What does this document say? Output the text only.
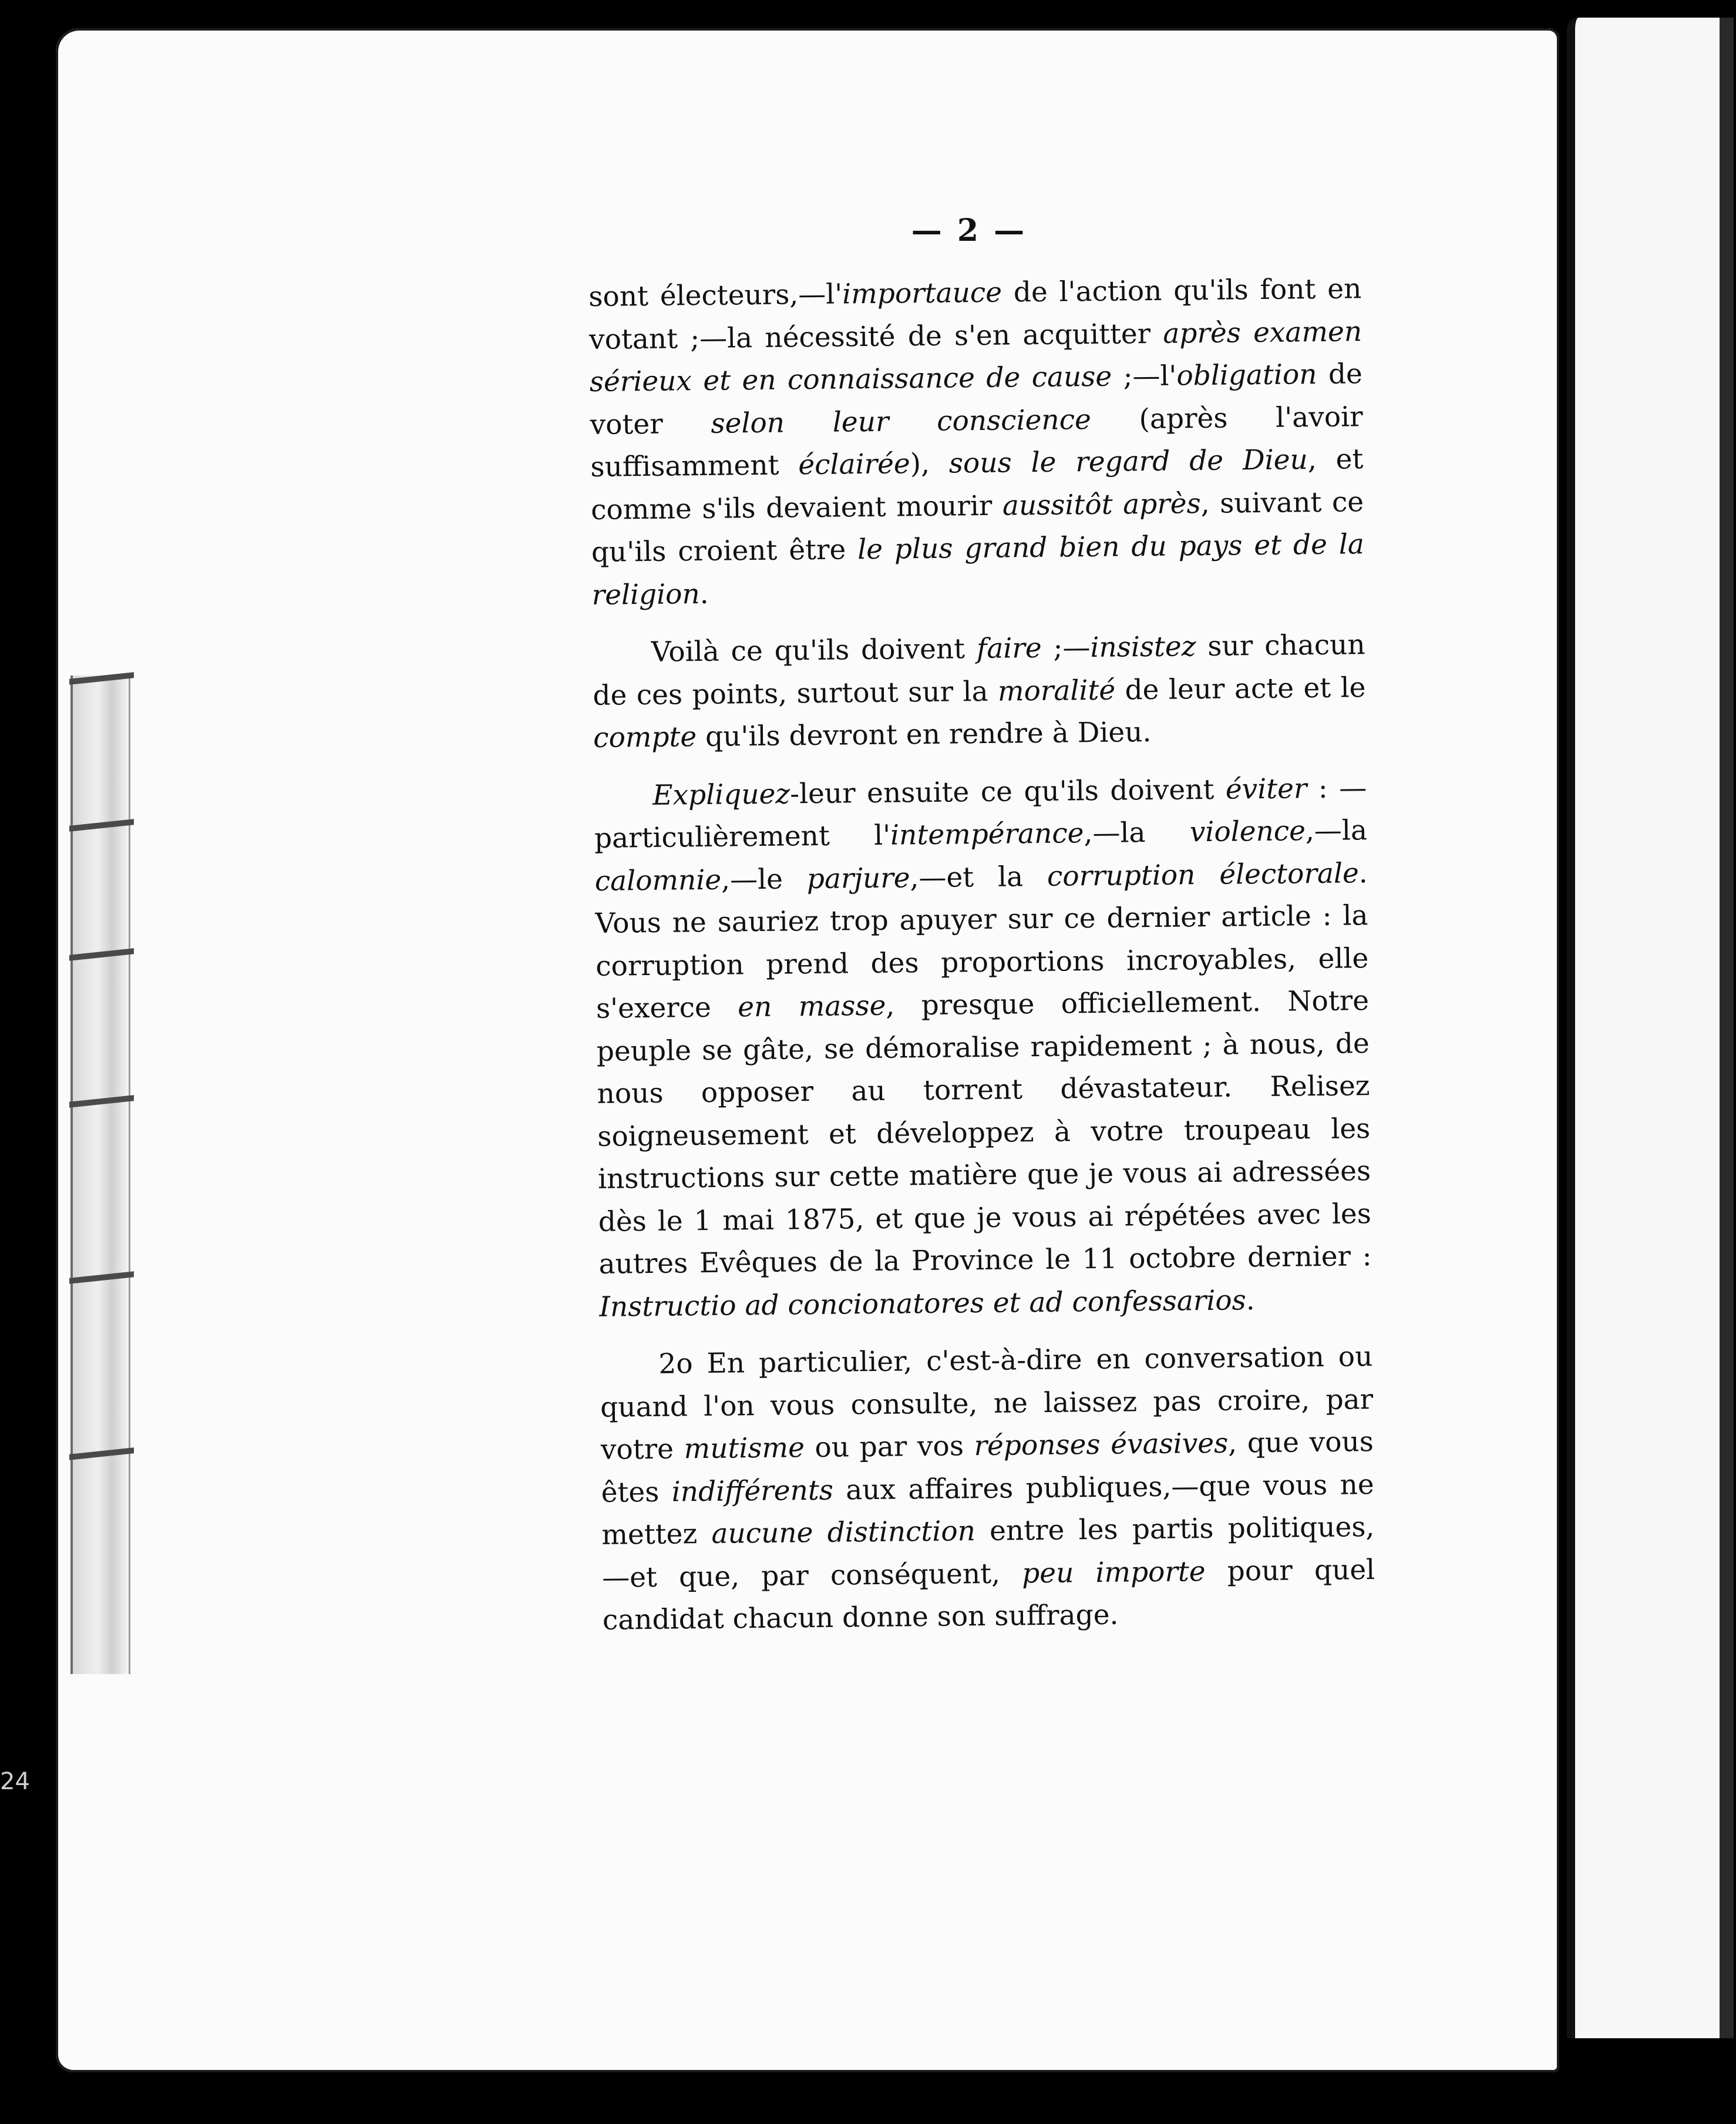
24
— 2 —

sont électeurs,—l'importauce de l'action qu'ils font en votant ;—la nécessité de s'en acquitter après examen sérieux et en connaissance de cause ;—l'obligation de voter selon leur conscience (après l'avoir suffisamment éclairée), sous le regard de Dieu, et comme s'ils devaient mourir aussitôt après, suivant ce qu'ils croient être le plus grand bien du pays et de la religion.

Voilà ce qu'ils doivent faire ;—insistez sur chacun de ces points, surtout sur la moralité de leur acte et le compte qu'ils devront en rendre à Dieu.

Expliquez-leur ensuite ce qu'ils doivent éviter : —particulièrement l'intempérance,—la violence,—la calomnie,—le parjure,—et la corruption électorale. Vous ne sauriez trop apuyer sur ce dernier article : la corruption prend des proportions incroyables, elle s'exerce en masse, presque officiellement. Notre peuple se gâte, se démoralise rapidement ; à nous, de nous opposer au torrent dévastateur. Relisez soigneusement et développez à votre troupeau les instructions sur cette matière que je vous ai adressées dès le 1 mai 1875, et que je vous ai répétées avec les autres Evêques de la Province le 11 octobre dernier : Instructio ad concionatores et ad confessarios.

2o En particulier, c'est-à-dire en conversation ou quand l'on vous consulte, ne laissez pas croire, par votre mutisme ou par vos réponses évasives, que vous êtes indifférents aux affaires publiques,—que vous ne mettez aucune distinction entre les partis politiques, —et que, par conséquent, peu importe pour quel candidat chacun donne son suffrage.
